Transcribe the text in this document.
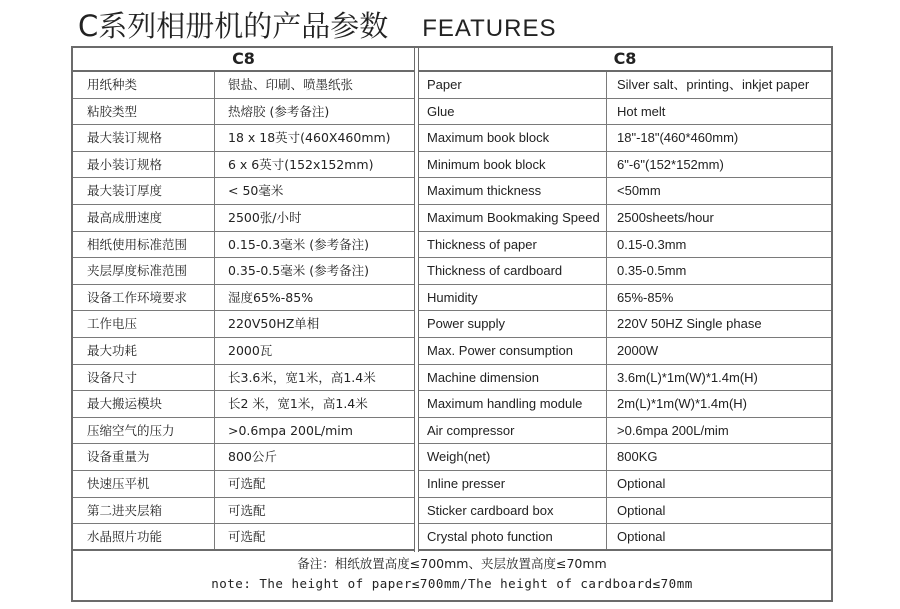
C系列相册机的产品参数 FEATURES
C8
用纸种类	银盐、印刷、喷墨纸张
粘胶类型	热熔胶 (参考备注)
最大装订规格	18 x 18英寸(460X460mm)
最小装订规格	6 x 6英寸(152x152mm)
最大装订厚度	< 50毫米
最高成册速度	2500张/小时
相纸使用标准范围	0.15-0.3毫米 (参考备注)
夹层厚度标准范围	0.35-0.5毫米 (参考备注)
设备工作环境要求	湿度65%-85%
工作电压	220V50HZ单相
最大功耗	2000瓦
设备尺寸	长3.6米，宽1米，高1.4米
最大搬运模块	长2 米，宽1米，高1.4米
压缩空气的压力	>0.6mpa 200L/mim
设备重量为	800公斤
快速压平机	可选配
第二进夹层箱	可选配
水晶照片功能	可选配
C8
Paper	Silver salt、printing、inkjet paper
Glue	Hot melt
Maximum book block	18"-18"(460*460mm)
Minimum book block	6"-6"(152*152mm)
Maximum thickness	<50mm
Maximum Bookmaking Speed	2500sheets/hour
Thickness of paper	0.15-0.3mm
Thickness of cardboard	0.35-0.5mm
Humidity	65%-85%
Power supply	220V 50HZ Single phase
Max. Power consumption	2000W
Machine dimension	3.6m(L)*1m(W)*1.4m(H)
Maximum handling module	2m(L)*1m(W)*1.4m(H)
Air compressor	>0.6mpa 200L/mim
Weigh(net)	800KG
Inline presser	Optional
Sticker cardboard box	Optional
Crystal photo function	Optional
备注：相纸放置高度≤700mm、夹层放置高度≤70mm
note: The height of paper≤700mm/The height of cardboard≤70mm
